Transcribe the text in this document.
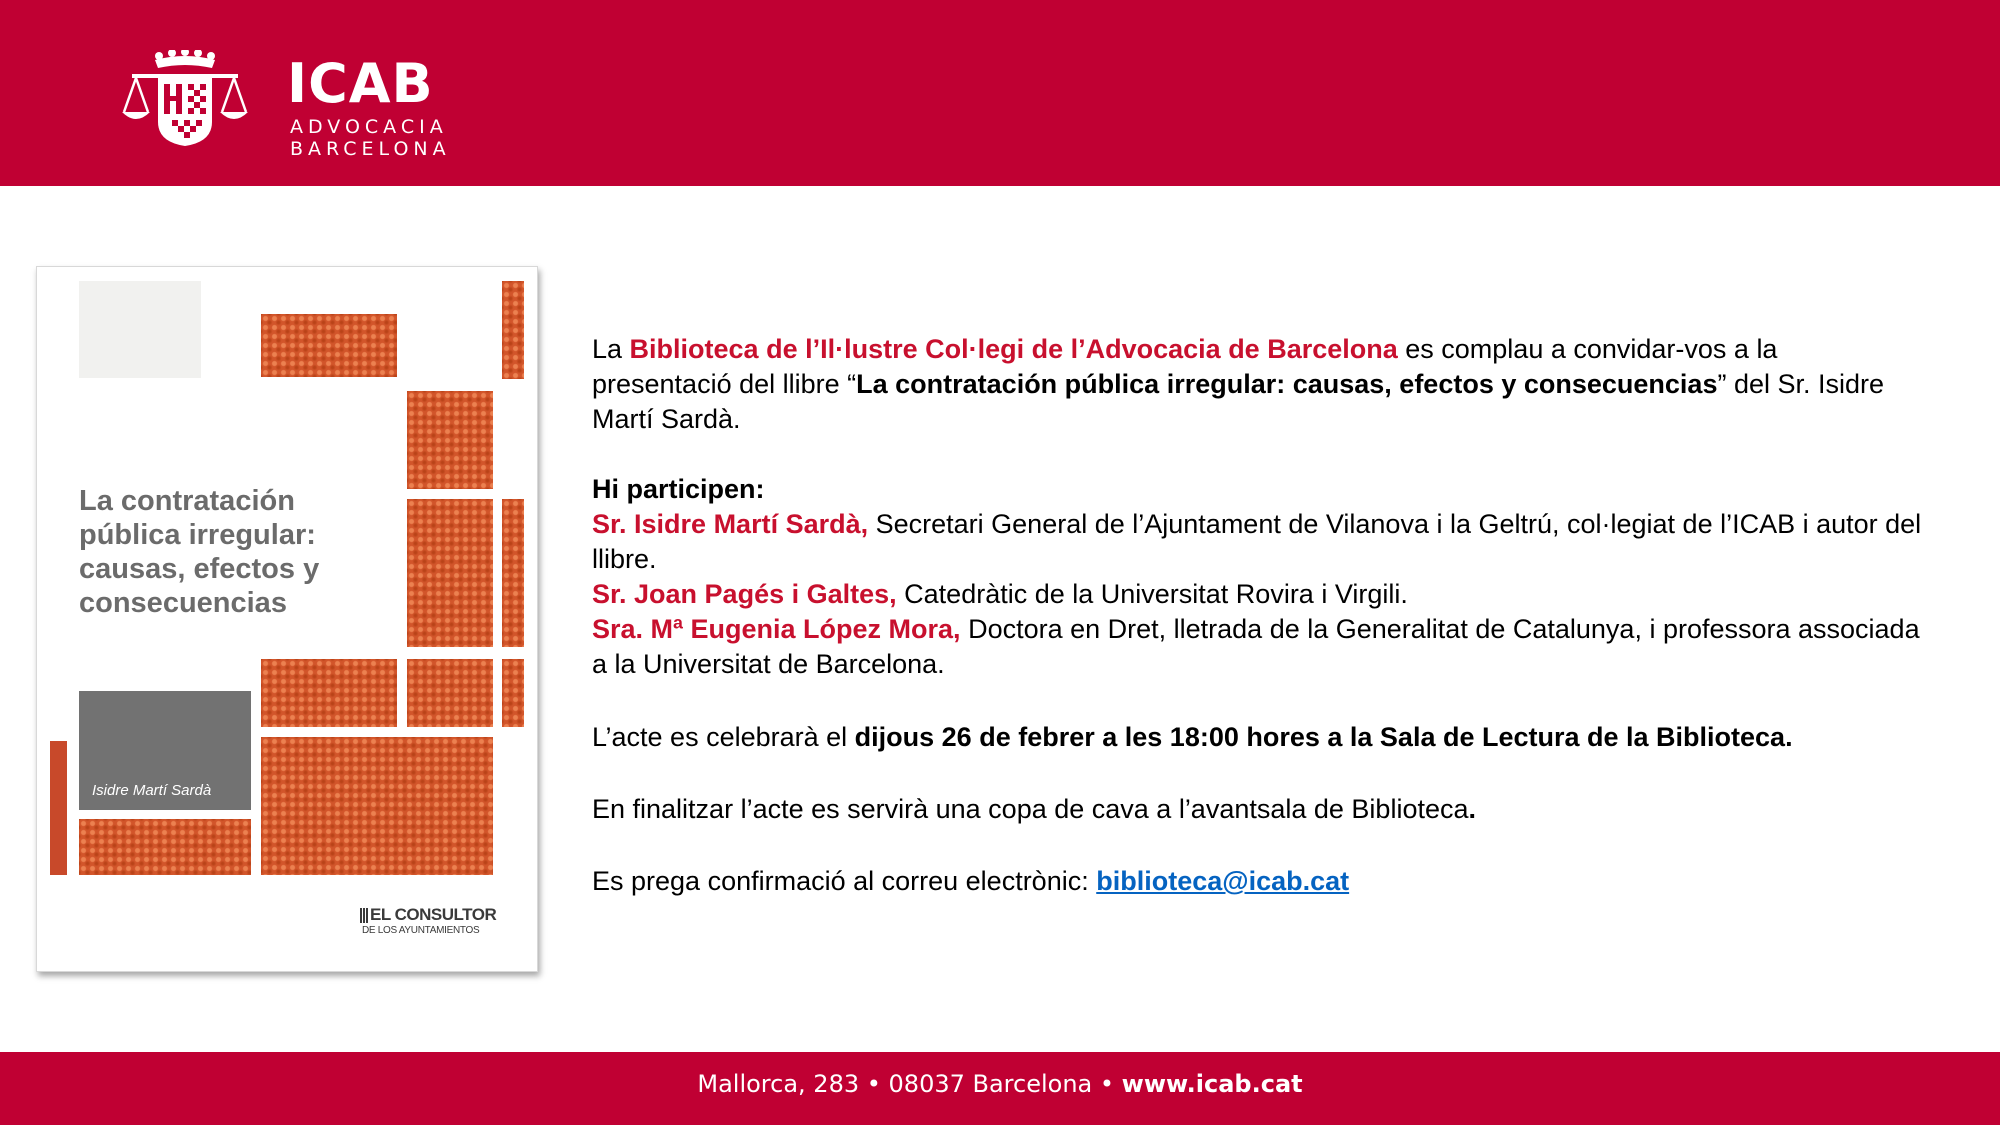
ICAB
ADVOCACIA
BARCELONA
La contratación pública irregular: causas, efectos y consecuencias
Isidre Martí Sardà
EL CONSULTOR
DE LOS AYUNTAMIENTOS

La Biblioteca de l’Il·lustre Col·legi de l’Advocacia de Barcelona es complau a convidar-vos a la presentació del llibre “La contratación pública irregular: causas, efectos y consecuencias” del Sr. Isidre Martí Sardà.

Hi participen:

Sr. Isidre Martí Sardà, Secretari General de l’Ajuntament de Vilanova i la Geltrú, col·legiat de l’ICAB i autor del llibre.

Sr. Joan Pagés i Galtes, Catedràtic de la Universitat Rovira i Virgili.

Sra. Mª Eugenia López Mora, Doctora en Dret, lletrada de la Generalitat de Catalunya, i professora associada a la Universitat de Barcelona.

L’acte es celebrarà el dijous 26 de febrer a les 18:00 hores a la Sala de Lectura de la Biblioteca.

En finalitzar l’acte es servirà una copa de cava a l’avantsala de Biblioteca.

Es prega confirmació al correu electrònic: biblioteca@icab.cat

Mallorca, 283 • 08037 Barcelona • www.icab.cat
